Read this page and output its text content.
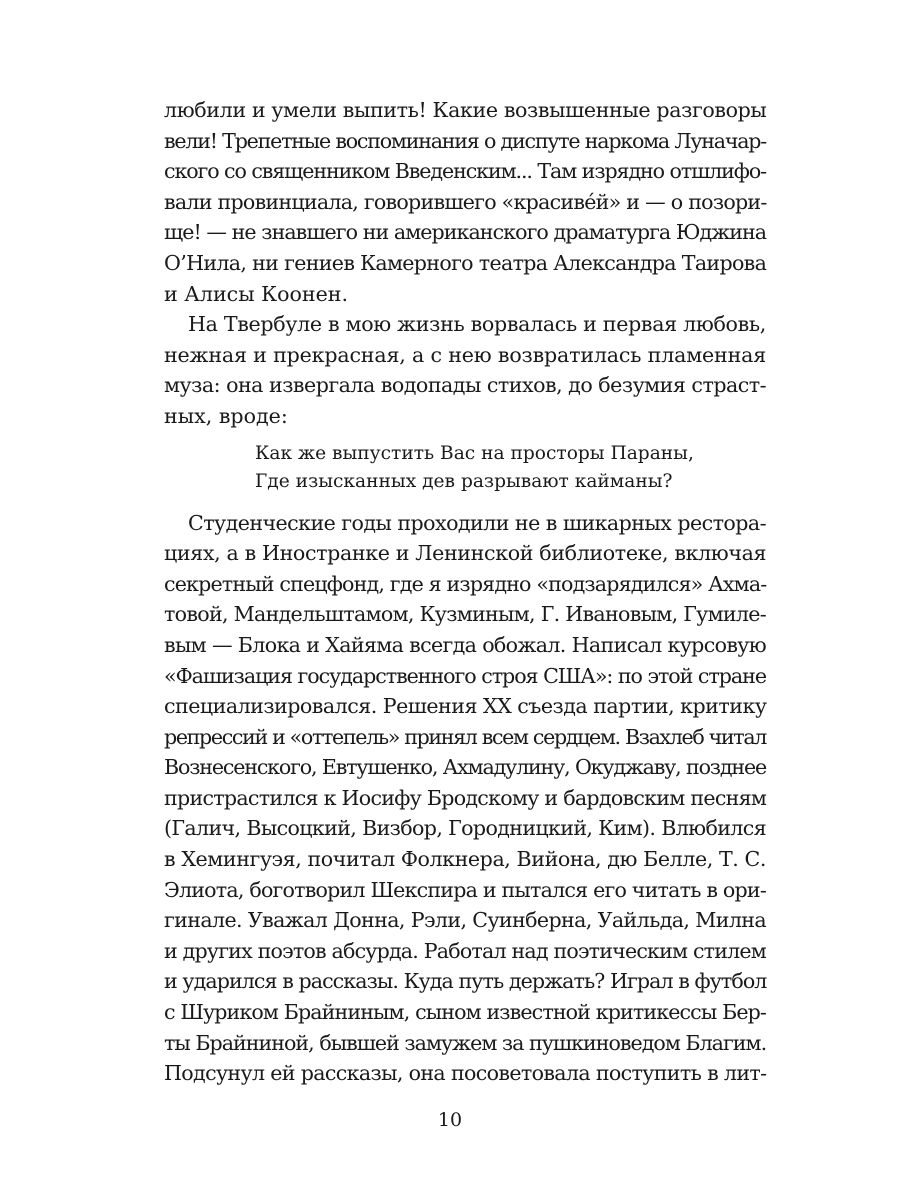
любили и умели выпить! Какие возвышенные разговоры
вели! Трепетные воспоминания о диспуте наркома Луначар-
ского со священником Введенским... Там изрядно отшлифо-
вали провинциала, говорившего «красиве́й» и — о позори-
ще! — не знавшего ни американского драматурга Юджина
О’Нила, ни гениев Камерного театра Александра Таирова
и Алисы Коонен.
На Твербуле в мою жизнь ворвалась и первая любовь,
нежная и прекрасная, а с нею возвратилась пламенная
муза: она извергала водопады стихов, до безумия страст-
ных, вроде:
Как же выпустить Вас на просторы Параны,
Где изысканных дев разрывают кайманы?
Студенческие годы проходили не в шикарных рестора-
циях, а в Иностранке и Ленинской библиотеке, включая
секретный спецфонд, где я изрядно «подзарядился» Ахма-
товой, Мандельштамом, Кузминым, Г. Ивановым, Гумиле-
вым — Блока и Хайяма всегда обожал. Написал курсовую
«Фашизация государственного строя США»: по этой стране
специализировался. Решения XX съезда партии, критику
репрессий и «оттепель» принял всем сердцем. Взахлеб читал
Вознесенского, Евтушенко, Ахмадулину, Окуджаву, позднее
пристрастился к Иосифу Бродскому и бардовским песням
(Галич, Высоцкий, Визбор, Городницкий, Ким). Влюбился
в Хемингуэя, почитал Фолкнера, Вийона, дю Белле, Т. С.
Элиота, боготворил Шекспира и пытался его читать в ори-
гинале. Уважал Донна, Рэли, Суинберна, Уайльда, Милна
и других поэтов абсурда. Работал над поэтическим стилем
и ударился в рассказы. Куда путь держать? Играл в футбол
с Шуриком Брайниным, сыном известной критикессы Бер-
ты Брайниной, бывшей замужем за пушкиноведом Благим.
Подсунул ей рассказы, она посоветовала поступить в лит-
10
